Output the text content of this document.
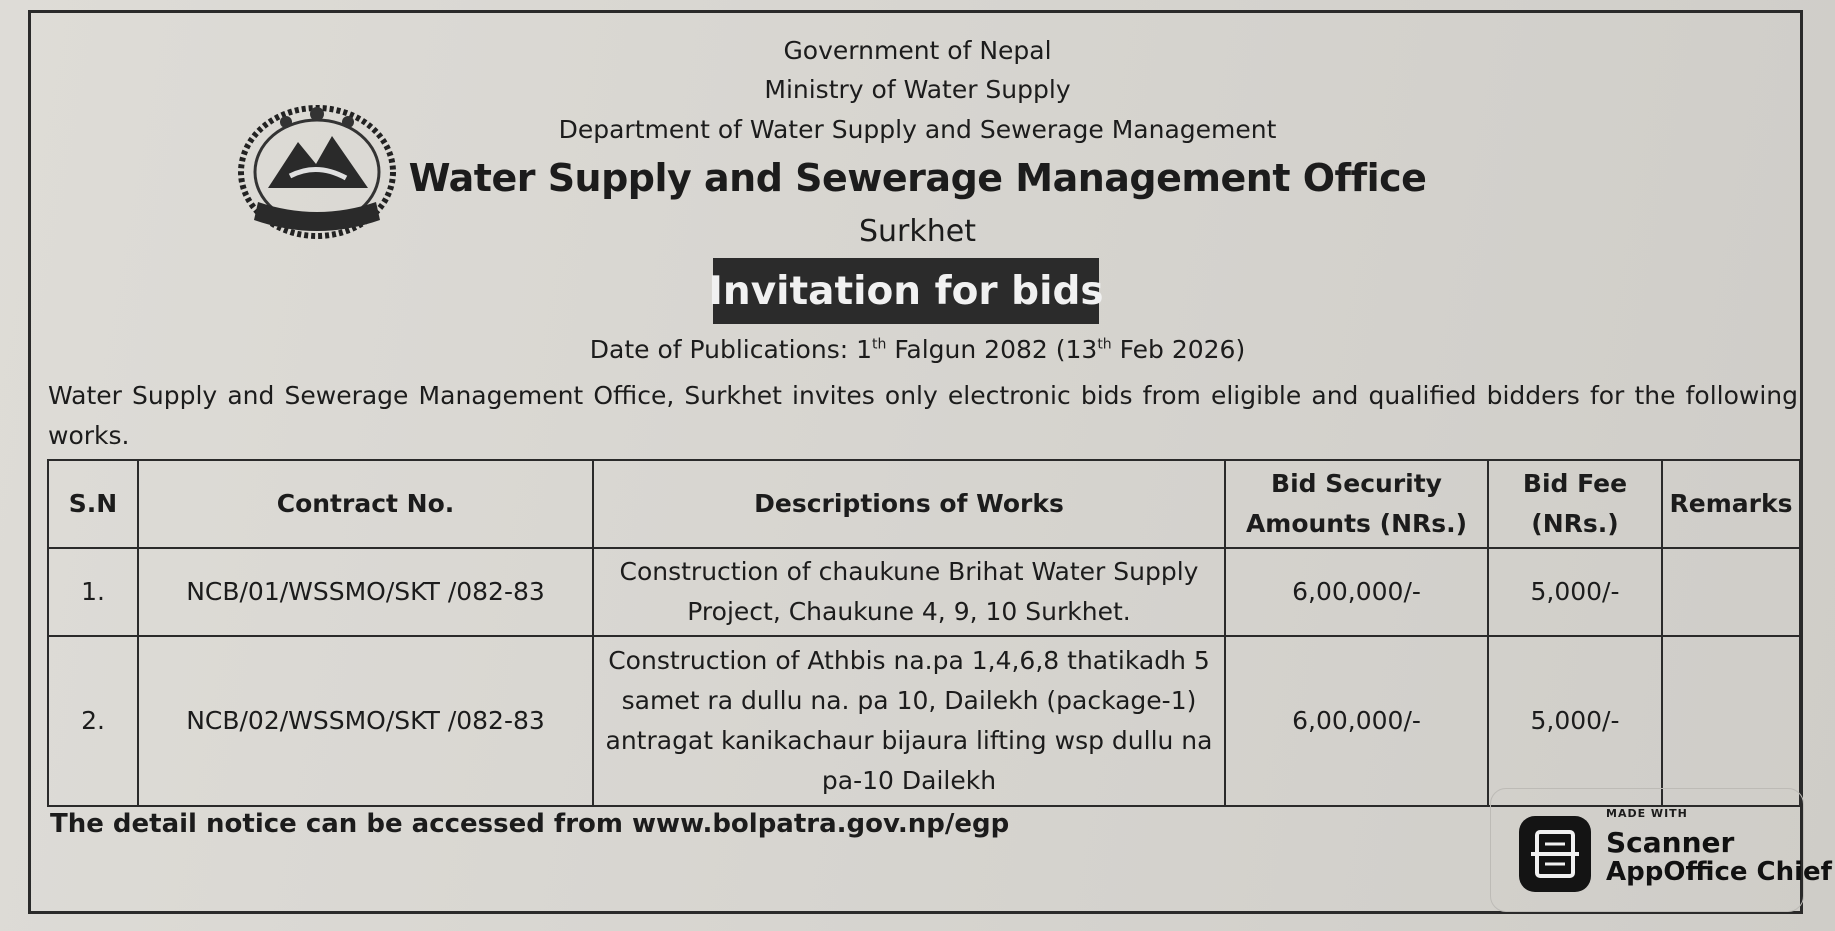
Government of Nepal
Ministry of Water Supply
Department of Water Supply and Sewerage Management
Water Supply and Sewerage Management Office
Surkhet
Invitation for bids
Date of Publications: 1th Falgun 2082 (13th Feb 2026)
Water Supply and Sewerage Management Office, Surkhet invites only electronic bids from eligible and qualified bidders for the following works.
S.N	Contract No.	Descriptions of Works	Bid Security Amounts (NRs.)	Bid Fee (NRs.)	Remarks
1.	NCB/01/WSSMO/SKT /082-83	Construction of chaukune Brihat Water Supply Project, Chaukune 4, 9, 10 Surkhet.	6,00,000/-	5,000/-	
2.	NCB/02/WSSMO/SKT /082-83	Construction of Athbis na.pa 1,4,6,8 thatikadh 5 samet ra dullu na. pa 10, Dailekh (package-1) antragat kanikachaur bijaura lifting wsp dullu na pa-10 Dailekh	6,00,000/-	5,000/-	
The detail notice can be accessed from www.bolpatra.gov.np/egp	MADE WITH
Scanner
AppOffice Chief
